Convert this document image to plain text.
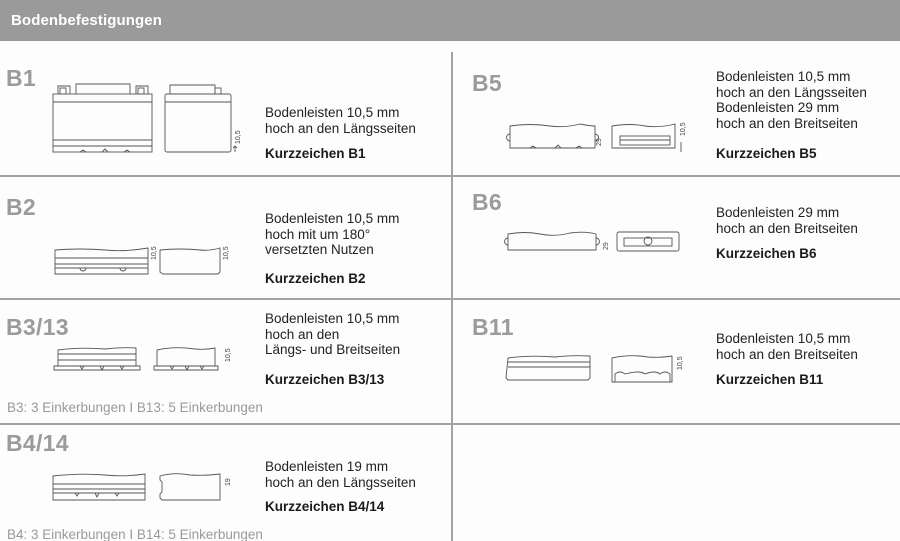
Bodenbefestigungen
B1
10,5
Bodenleisten 10,5 mm
hoch an den Längsseiten
Kurzzeichen B1
B5
29
10,5
Bodenleisten 10,5 mm
hoch an den Längsseiten
Bodenleisten 29 mm
hoch an den Breitseiten
Kurzzeichen B5
B2
10,5	10,5
Bodenleisten 10,5 mm
hoch mit um 180°
versetzten Nutzen
Kurzzeichen B2
B6
29
Bodenleisten 29 mm
hoch an den Breitseiten
Kurzzeichen B6
B3/13
10,5
Bodenleisten 10,5 mm
hoch an den
Längs- und Breitseiten
Kurzzeichen B3/13
B3: 3 Einkerbungen I B13: 5 Einkerbungen
B11
10,5
Bodenleisten 10,5 mm
hoch an den Breitseiten
Kurzzeichen B11
B4/14
19
Bodenleisten 19 mm
hoch an den Längsseiten
Kurzzeichen B4/14
B4: 3 Einkerbungen I B14: 5 Einkerbungen
